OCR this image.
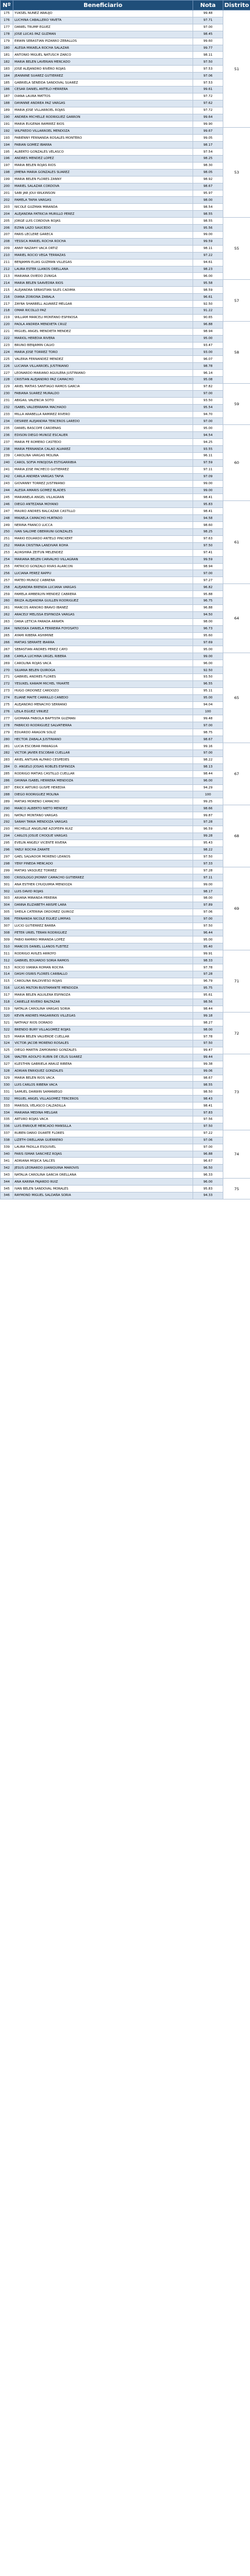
Nº	Beneficiario	Nota	Distrito
175	YUKSEL NUNEZ ARAUJO	99.48	51
176	LUCHINA CABALLERO YAVETA	97.71	
177	DANIEL TRUMP EGUEZ	97.00	
178	JOSE LUCAS PAZ GUZMAN	98.45	
179	ERWIN SEBASTIAN PIZARRO ZEBALLOS	99.60	
180	ALESIA MIKAELA ROCHA SALAZAR	99.77	
181	ANTONIO MIGUEL NATUSCH ZARCO	98.11	
182	MARIA BELEN LAVERIAN MERCADO	97.50	
183	JOSE ALEJANDRO RIVERO ROJAS	97.53	
184	JEANNINE SUAREZ GUTIERREZ	97.06	
185	GABRIELA SENEIDA SANDOVAL SUAREZ	97.53	
186	CESAR DANIEL ANTELO HERRERA	99.61	
187	DIANA LAURA MATTOS	97.72	
188	DAYANNE ANDREA PAZ VARGAS	97.62	
189	MARIA JOSE VILLARROEL ROJAS	97.72	
190	ANDREA MICHELLE RODRIGUEZ GARRON	99.64	
191	MARIA EUGENIA RAMIREZ RIOS	99.90	
192	WILFREDO VILLARROEL MENDOZA	99.67	53
193	FABIENNY FERNANDA ROSALES MONTERO	99.05	
194	FABIAN GOMEZ IBARRA	98.17	
195	ALBERTO GONZALES VELASCO	97.54	
196	ANDRES MENDEZ LOPEZ	98.25	
197	MARIA BELEN ROJAS RIOS	98.30	
198	JIMENA MARIA GONZALES SUAREZ	98.05	
199	MARIA BELEN FLORES ZANNY	98.92	
200	MARIEL SALAZAR CORDOVA	98.67	
201	SABI JAR JOUI WILKINSON	95.97	
202	PAMELA TAPIA VARGAS	98.00	
203	NICOLE GUZMAN MIRANDA	98.54	
204	ALEJANDRA PATRICIA MURILLO PEREZ	98.55	
205	JORGE LUIS CORDOVA ROJAS	98.55	55
206	ELTAN LAZO SAUCEDO	95.56	
207	PARIS LECLERE GARECA	99.00	
208	YESSICA MARIEL ROCHA ROCHA	99.59	
209	ANNY NAZAHY VACA ORTIZ	98.11	
210	MARIEL ROCIO VEGA TERRAZAS	97.22	
211	BENJAMIN ELIAS GUZMAN VILLEGAS	94.61	
212	LAURA ESTER LLANOS ORELLANA	98.23	
213	MARIANA OVIEDO ZUNIGA	96.00	
214	MARIA BELEN SAAVEDRA RIOS	95.58	57
215	ALEJANDRA SEBASTIAN SILES CADIMA	98.59	
216	DIANA ZORIONA ZABALA	96.61	
217	ZAYRA SHARBELL ALVAREZ MELGAR	92.50	
218	OMAR RICOLLO PAZ	91.22	
219	WILLIAM MARCELI MONTANO ESPINOSA	90.65	
220	PAOLA ANDREA MENDIETA CRUZ	96.88	58
221	MIGUEL ANGEL MENDIETA MENDEZ	98.94	
222	MARIOL HEREDIA RIVERA	95.00	
223	BRUNO BENJAMIN CALVO	93.47	
224	MARIA JOSE TORREZ TORO	93.00	
225	VALERIA FERNANDEZ MENDEZ	96.07	
226	LUCIANA VILLARROEL JUSTINIANO	98.78	
227	LEONARDO MARIANO AGUILERA JUSTINIANO	96.14	
228	CRISTIAN ALEJANDRO PAZ CAMACHO	95.08	
229	ARIEL MATIAS SANTIAGO RAMOS GARCIA	97.82	59
230	FABIANA SUAREZ MURALDO	97.00	
231	ABIGAIL VALENCIA SOTO	93.50	
232	ISABEL VALDERRAMA MACHADO	95.54	
233	MILLA ARABELLA RAMIREZ RIVERO	94.70	
234	DESIREE ALEJANDRA TERCEROS LAREDO	97.00	
235	DANIEL BASCOPE CARDENAS	95.00	60
236	EDISON DIEGO MUNOZ ESCALIER	94.54	
237	MARIA FE ROMERO CASTEDO	94.25	
238	MARIA FERNANDA CALAO ALVAREZ	93.55	
239	CAROLINA VARGAS MOLINA	96.11	
240	CAROL SOFIA HINOJOSA ESTIGARRIBIA	97.59	
241	MARIA JOSE PACHECO GUTIERREZ	97.11	
242	CARLA ANDREA VARGAS TAPIA	97.09	
243	GIOVANNY TORREZ JUSTINIANO	99.00	
244	ALESIA AMARIS GOMEZ BLADES	99.00	
245	MARIANELA ANGEL VILLAGRAN	98.41	
246	DIEGO ANTEZANA MOYANO	95.83	61
247	MAURO ANDRES BALCAZAR CASTILLO	98.41	
248	MIKAELA CAMACHO HURTADO	94.58	
249	NERINA FRANCO LUCCA	98.60	
250	IVAN SALOME OBERRUNI GONZALES	98.25	
251	MARIO EDUARDO ANTELO PINCKERT	97.63	
252	MARIA CRISTINA LANDIVAR ROHA	97.50	
253	ALYASHIRA ZEITUN MELENDEZ	97.41	
254	MARIANA BELEN CARVALHO VILLAGRAN	99.59	
255	PATRICIO GONZALO RIVAS ALARCON	98.94	
256	LUCIANA PEREZ RAPPU	97.00	
257	MATEO MUNOZ CABRERA	97.27	
258	ALEJANDRA BRENDA LUCIANA VARGAS	96.82	64
259	PAMELA AMBERLYN MENDEZ CABRERA	95.88	
260	BRIZA ALEJANDRA GUILLEN RODRIGUEZ	96.75	
261	MARCOS ARNORO BRAVO IBANEZ	96.88	
262	ARACELY MELISSA ESPINOZA VARGAS	94.50	
263	DANA LETICIA PARADA ARRATA	98.00	
264	NINOSKA DANIELA FERREIRA FOYOSATO	96.73	
265	AYAMI RIBERA ASHIMINE	95.60	
266	MATIAS SERRATE IBARRA	97.69	
267	SEBASTIAN ANDRES PEREZ CAYO	95.00	
268	CAMILA LUCHINA URGEL RIBERA	99.00	65
269	CAROLINA ROJAS VACA	96.00	
270	SILVANA BELEN QUIROGA	92.50	
271	GABRIEL ANDRES FLORES	93.50	
272	YESUKEL KARAIM MICHEL YRIARTE	96.55	
273	HUGO ORDONEZ CARDOZO	95.11	
274	ELIANE MAITE CARRILLO CANEDO	95.00	
275	ALEJANDRO MENACHO SERRANO	94.04	
276	LEILA EGUEZ VINUEZ	100	
277	GIOMARA FABIOLA BAPTISTA GUZMAN	99.48	
278	FABRICIO RODRIGUEZ SALVATIERRA	97.00	
279	EDUARDO ARAGON SOLIZ	98.75	
280	HECTOR ZABALA JUSTINIANO	98.67	
281	LUCIA ESCOBAR PANIAGUA	99.16	67
282	VICTOR JAVIER ESCOBAR CUELLAR	97.00	
283	ARIEL ANTUAN ALFARO CESPEDES	98.22	
284	D. ANGELO JOSIAS ROBLES ESPINOZA	98.13	
285	RODRIGO MATIAS CASTILLO CUELLAR	98.44	
286	DAYANA ISABEL HERRERA MENDOZA	96.00	
287	ERICK ARTURO GUSPE HEREDIA	94.29	
288	DIEGO RODRIGUEZ MOLINA	100	
289	MATIAS MORENO CAMACHO	99.25	
290	MARCO ALBERTO NIETO MENDEZ	98.66	68
291	NATALY MONTANO VARGAS	99.87	
292	SARAH TANIA MENDOZA VARGAS	97.28	
293	MICHELLE ANGELINE AZOFEIFA RUIZ	96.59	
294	CARLOS JOSUE CHOQUE VARGAS	99.28	
295	EVELIN ANGELY VICENTE RIVERA	95.43	
296	YAELY ROCHA ZARATE	98.22	
297	GAEL SALVADOR MORENO LEANOS	97.50	
298	YENY PINEDA MERCADO	97.33	
299	MATIAS VASQUEZ TORREZ	97.28	69
300	CRISOLOGO JHONNY CAMACHO GUTIERREZ	97.11	
301	ANA ESTHER CHUQUIMIA MENDOZA	99.00	
302	LUIS DAVID ROJAS	98.17	
303	ARIANA MIRANDA PEREIRA	98.00	
304	DANNA ELIZABETH ARISPE LARA	97.89	
305	SHEILA CATERINA ORDONEZ QUIROZ	97.06	
306	FERNANDA NICOLE EGUEZ LIMPIAS	97.00	
307	LUCIO GUTIERREZ BARBA	97.50	
308	PETER URIEL TERAN RODRIGUEZ	96.44	
309	FABIO RAMIRO MIRANDA LOPEZ	95.00	
310	MARCOS DANIEL LLANOS FLEITEZ	95.40	
311	RODRIGO AVILES ARROYO	99.91	71
312	GABRIEL EDUARDO SORIA RAMOS	98.33	
313	ROCIO VIANKA ROMAN ROCHA	97.78	
314	DASHI OSIRIS FLORES CARBALLO	97.28	
315	CAROLINA BALDIVIESO ROJAS	96.79	
316	LUCAS MILTON BUSTAMANTE MENDOZA	95.75	
317	MARIA BELEN AGUILERA ESPINOZA	95.61	
318	CARIELLE RIVERO BALTAZAR	98.56	
319	NATALIA CAROLINA VARGAS SORIA	98.44	
320	KEVIN ANDRES MAGARINOS VILLEGAS	99.18	72
321	NATHALY RIOS DORADO	98.27	
322	BRENDO BURY VILLAGOMEZ ROJAS	98.00	
323	MARIA BELEN VALVERDE CUELLAR	97.78	
324	VICTOR JACOB MORENO ROSALES	97.50	
325	DIEGO MARTIN ZAMORANO GONZALES	99.47	
326	WALTER ADOLFO RUBIN DE CELIS SUAREZ	99.44	73
327	KLESTHIN GABRIELA ARAUZ RIBERA	99.38	
328	ADRIAN ENRIQUEZ GONZALES	99.06	
329	MARIA BELEN RIOS VACA	98.67	
330	LUIS CARLOS RIBERA VACA	98.55	
331	SAMUEL DARWIN SAMANIEGO	98.50	
332	MIGUEL ANGEL VILLAGOMEZ TERCEROS	98.43	
333	MARISOL VELASCO CALZADILLA	98.41	
334	MARIANA MEDINA MELGAR	97.83	
335	ARTURO ROJAS VACA	97.56	
336	LUIS ENRIQUE MERCADO MANSILLA	97.50	
337	RUBEN DARIO DUARTE FLORES	97.22	74
338	LIZETH ORELLANA GUERRERO	97.06	
339	LAURA FADILLA ESQUIVEL	97.00	
340	FARIS ISMAR SANCHEZ ROJAS	96.88	
341	ADRIANA MOJICA SALCES	96.67	
342	JESUS LEONARDO JUANIQUINA MAROVIS	96.50	
343	NATALIA CAROLINA GARCIA ORELLANA	96.33	
344	ANA KARINA FAJARDO RUIZ	96.00	75
345	IVAN BELEN SANDOVAL MORALES	95.83	
346	RAYMOND MIGUEL SALDAÑA SORIA	94.33	
